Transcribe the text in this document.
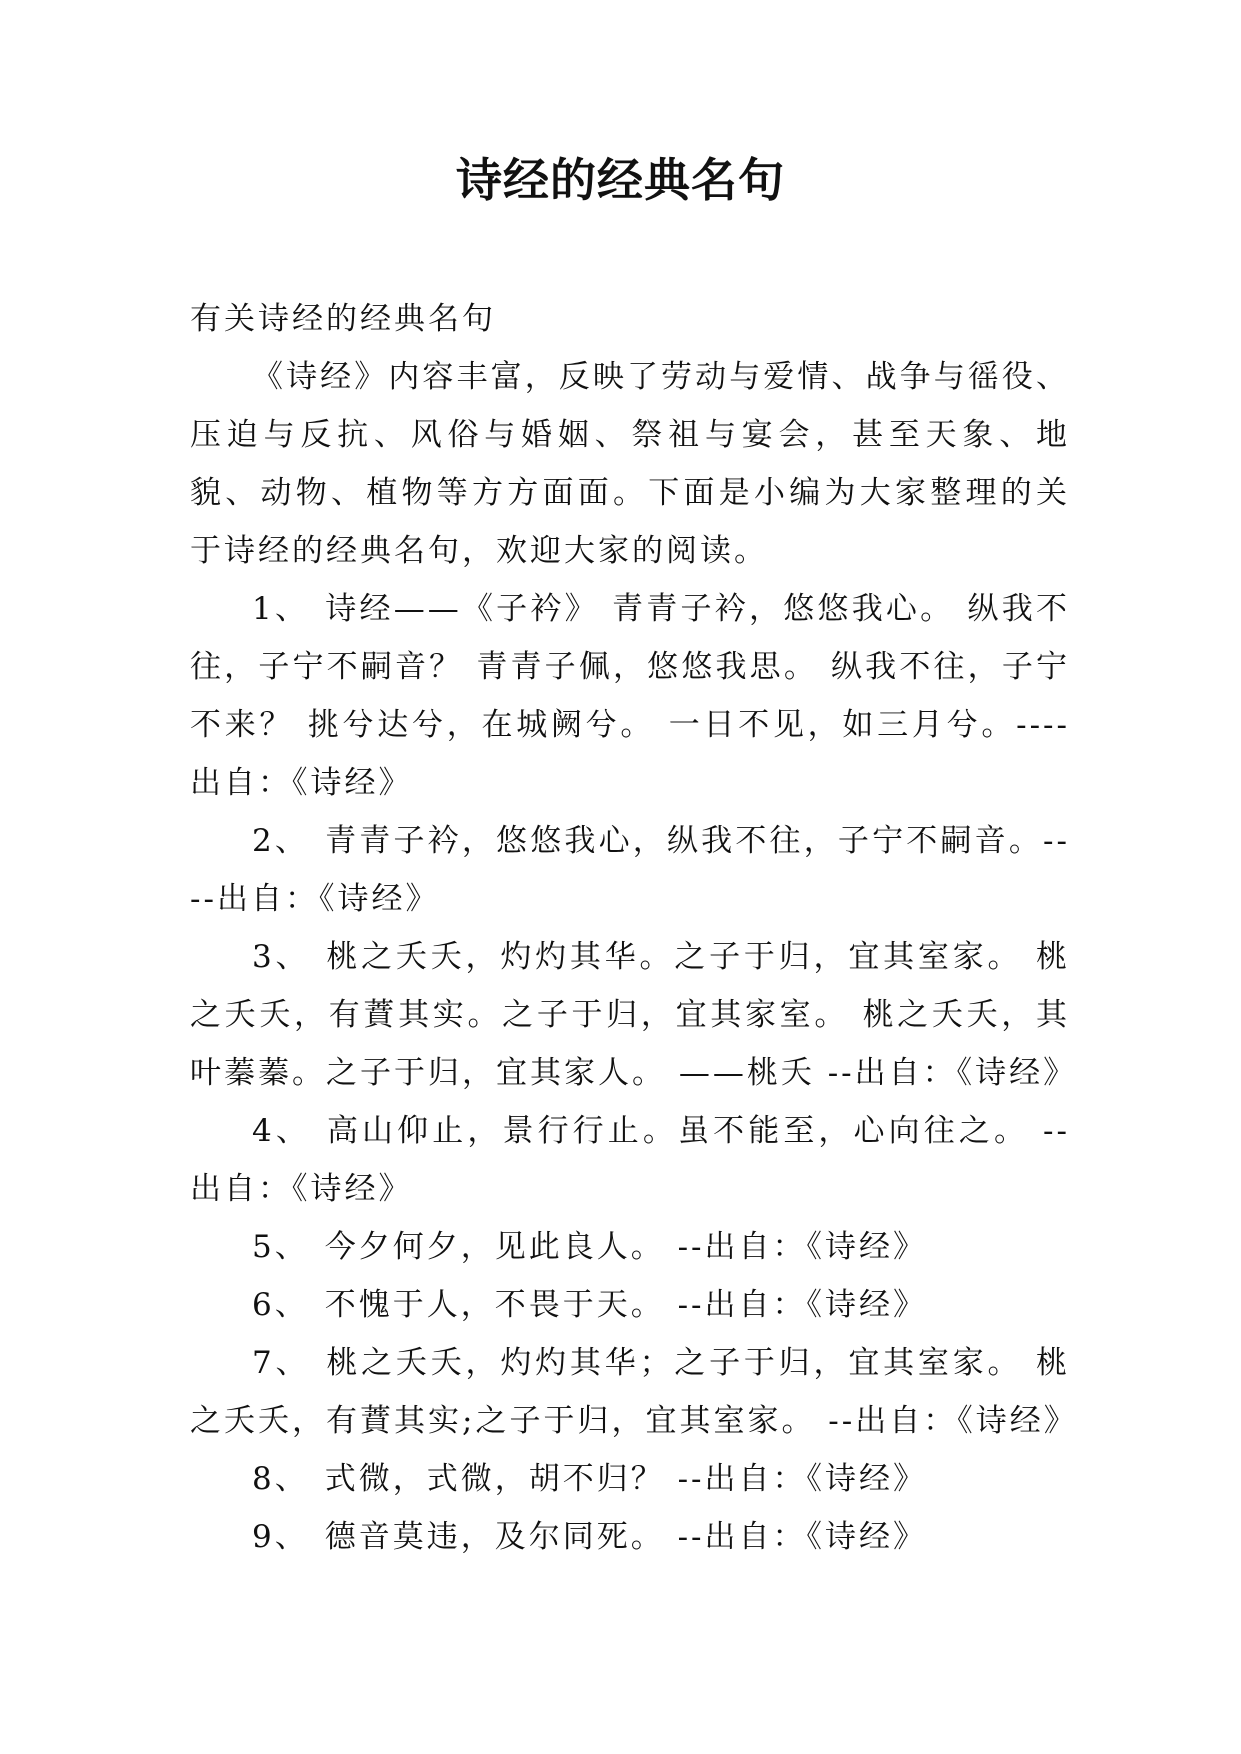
诗经的经典名句

有关诗经的经典名句

《诗经》内容丰富，反映了劳动与爱情、战争与徭役、压迫与反抗、风俗与婚姻、祭祖与宴会，甚至天象、地貌、动物、植物等方方面面。下面是小编为大家整理的关于诗经的经典名句，欢迎大家的阅读。

1、 诗经——《子衿》 青青子衿，悠悠我心。 纵我不往，子宁不嗣音？ 青青子佩，悠悠我思。 纵我不往，子宁不来？ 挑兮达兮，在城阙兮。 一日不见，如三月兮。----出自：《诗经》

2、 青青子衿，悠悠我心，纵我不往，子宁不嗣音。----出自：《诗经》

3、 桃之夭夭，灼灼其华。之子于归，宜其室家。 桃之夭夭，有蕡其实。之子于归，宜其家室。 桃之夭夭，其叶蓁蓁。之子于归，宜其家人。 ——桃夭 --出自：《诗经》

4、 高山仰止，景行行止。虽不能至，心向往之。 --出自：《诗经》

5、 今夕何夕，见此良人。 --出自：《诗经》

6、 不愧于人，不畏于天。 --出自：《诗经》

7、 桃之夭夭，灼灼其华；之子于归，宜其室家。 桃之夭夭，有蕡其实;之子于归，宜其室家。 --出自：《诗经》

8、 式微，式微，胡不归？ --出自：《诗经》

9、 德音莫违，及尔同死。 --出自：《诗经》
